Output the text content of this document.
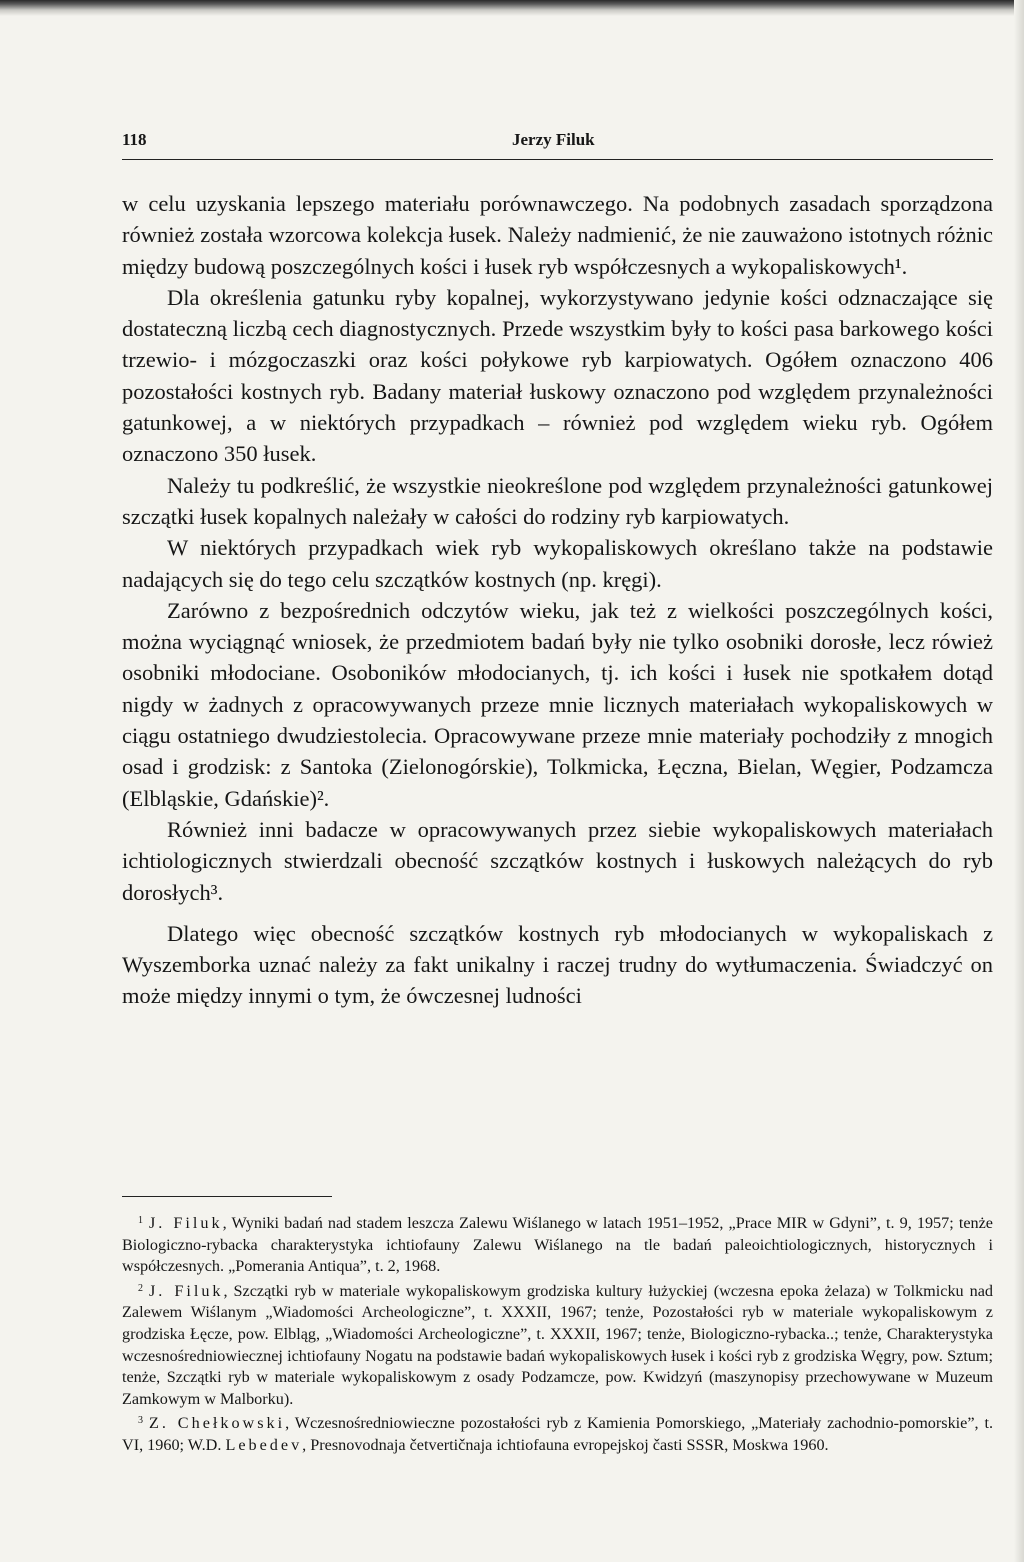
118	Jerzy Filuk

w celu uzyskania lepszego materiału porównawczego. Na podobnych zasadach sporządzona również została wzorcowa kolekcja łusek. Należy nadmienić, że nie zauważono istotnych różnic między budową poszczególnych kości i łusek ryb współczesnych a wykopaliskowych¹.

Dla określenia gatunku ryby kopalnej, wykorzystywano jedynie kości odznaczające się dostateczną liczbą cech diagnostycznych. Przede wszystkim były to kości pasa barkowego kości trzewio- i mózgoczaszki oraz kości połykowe ryb karpiowatych. Ogółem oznaczono 406 pozostałości kostnych ryb. Badany materiał łuskowy oznaczono pod względem przynależności gatunkowej, a w niektórych przypadkach – również pod względem wieku ryb. Ogółem oznaczono 350 łusek.

Należy tu podkreślić, że wszystkie nieokreślone pod względem przynależności gatunkowej szczątki łusek kopalnych należały w całości do rodziny ryb karpiowatych.

W niektórych przypadkach wiek ryb wykopaliskowych określano także na podstawie nadających się do tego celu szczątków kostnych (np. kręgi).

Zarówno z bezpośrednich odczytów wieku, jak też z wielkości poszczególnych kości, można wyciągnąć wniosek, że przedmiotem badań były nie tylko osobniki dorosłe, lecz rówież osobniki młodociane. Osoboników młodocianych, tj. ich kości i łusek nie spotkałem dotąd nigdy w żadnych z opracowywanych przeze mnie licznych materiałach wykopaliskowych w ciągu ostatniego dwudziestolecia. Opracowywane przeze mnie materiały pochodziły z mnogich osad i grodzisk: z Santoka (Zielonogórskie), Tolkmicka, Łęczna, Bielan, Węgier, Podzamcza (Elbląskie, Gdańskie)².

Również inni badacze w opracowywanych przez siebie wykopaliskowych materiałach ichtiologicznych stwierdzali obecność szczątków kostnych i łuskowych należących do ryb dorosłych³.

Dlatego więc obecność szczątków kostnych ryb młodocianych w wykopaliskach z Wyszemborka uznać należy za fakt unikalny i raczej trudny do wytłumaczenia. Świadczyć on może między innymi o tym, że ówczesnej ludności

$^1$ J. Filuk, Wyniki badań nad stadem leszcza Zalewu Wiślanego w latach 1951–1952, „Prace MIR w Gdyni”, t. 9, 1957; tenże Biologiczno-rybacka charakterystyka ichtiofauny Zalewu Wiślanego na tle badań paleoichtiologicznych, historycznych i współczesnych. „Pomerania Antiqua”, t. 2, 1968.

$^2$ J. Filuk, Szczątki ryb w materiale wykopaliskowym grodziska kultury łużyckiej (wczesna epoka żelaza) w Tolkmicku nad Zalewem Wiślanym „Wiadomości Archeologiczne”, t. XXXII, 1967; tenże, Pozostałości ryb w materiale wykopaliskowym z grodziska Łęcze, pow. Elbląg, „Wiadomości Archeologiczne”, t. XXXII, 1967; tenże, Biologiczno-rybacka..; tenże, Charakterystyka wczesnośredniowiecznej ichtiofauny Nogatu na podstawie badań wykopaliskowych łusek i kości ryb z grodziska Węgry, pow. Sztum; tenże, Szczątki ryb w materiale wykopaliskowym z osady Podzamcze, pow. Kwidzyń (maszynopisy przechowywane w Muzeum Zamkowym w Malborku).

$^3$ Z. Chełkowski, Wczesnośredniowieczne pozostałości ryb z Kamienia Pomorskiego, „Materiały zachodnio-pomorskie”, t. VI, 1960; W.D. Lebedev, Presnovodnaja četvertičnaja ichtiofauna evropejskoj časti SSSR, Moskwa 1960.
